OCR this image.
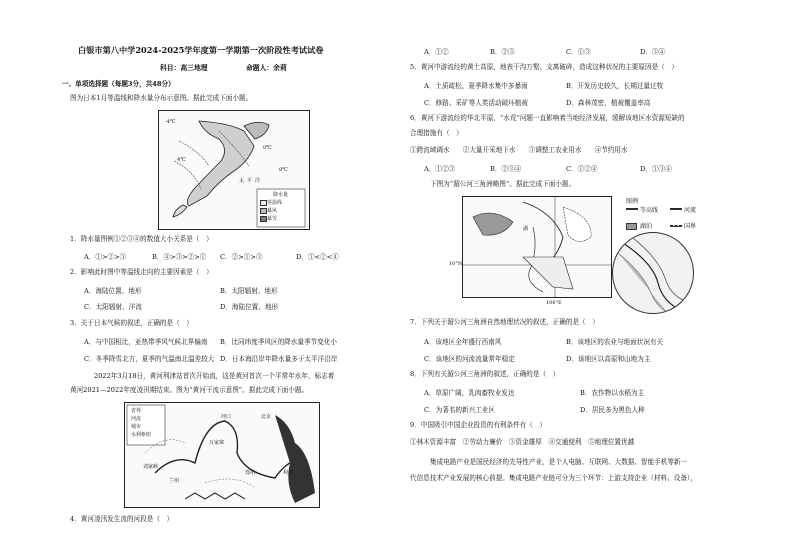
白银市第八中学2024-2025学年度第一学期第一次阶段性考试试卷
科目：高三地理	命题人：余莉
一、单项选择题（每题3分，共48分）
图为日本1月等温线和降水量分布示意图。据此完成下面小题。
-4℃
4℃
0℃
8℃
太 平 洋
降水量
等温线
暴风
暴雪
1．降水量图例①②③④的数值大小关系是（　）
A．①>②>③	B．④>③>②>① C．②>①>③	D．①<②<④
2．影响此时图中等温线走向的主要因素是（　）
A．海陆位置、地形	B．太阳辐射、地形
C．太阳辐射、洋流	D．海陆位置、地形
3．关于日本气候的叙述，正确的是（　）
A．与中国相比，亚热带季风气候北界偏南 B．比同纬度季风区的降水量季节变化小
C．冬季降雪北方，夏季的气温南北温差较大 D．日本海沿岸年降水量多于太平洋沿岸
2022年3月18日，黄河利津站首次开始流，这是黄河首次一个平常年水年，标志着
黄河2021—2022年度凌汛期结束。图为“黄河干流示意图”。据此完成下面小题。
省界
河流
城市
水利枢纽
刘家峡
河口	北京
兰州
万家寨
利津
郑州
4．黄河凌汛发生流的河段是（　）
A．①②	B．②③	C．①③	D．③④
5．黄河中游流经的黄土高原，地表干沟万壑、支离破碎，造成这种状况的主要原因是（　）
A．土质疏松，夏季降水集中多暴雨	B．开发历史较久，长期过量过牧
C．修路、采矿等人类活动破坏植被	D．森林茂密，植被覆盖率高
6．黄河下游流经的华北平原，“水荒”问题一直影响着当地经济发展，缓解该地区水资源短缺的
合理措施有（　）
①跨流域调水　　②大量开采地下水　　③调整工农业用水　　④节约用水
A．①②③	B．②③④	C．①②④	D．①③④
下图为“湄公河三角洲略图”。据此完成下面小题。
湖
10°N
106°E
图例
等高线	河流
湖泊	国界
7．下列关于湄公河三角洲自然地理状况的叙述，正确的是（　）
A．该地区全年盛行西南风	B．该地区的农业与地面状况有关
C．该地区的河流流量常年稳定	D．该地区以高原和山地为主
8．下列有关湄公河三角洲的叙述，正确的是（　）
A．草原广阔，乳肉畜牧业发达	B．农作物以水稻为主
C．为著名的新兴工业区	D．居民多为黑色人种
9．中国吸引中国企业投资的有利条件有（　）
①林木资源丰富　②劳动力廉价　③资金雄厚　④交通便利　⑤地理位置优越
集成电路产业是国民经济的先导性产业，是个人电脑、互联网、大数据、智能手机等新一
代信息技术产业发展的核心前提。集成电路产业链可分为三个环节：上游支持企业（材料、设备），
